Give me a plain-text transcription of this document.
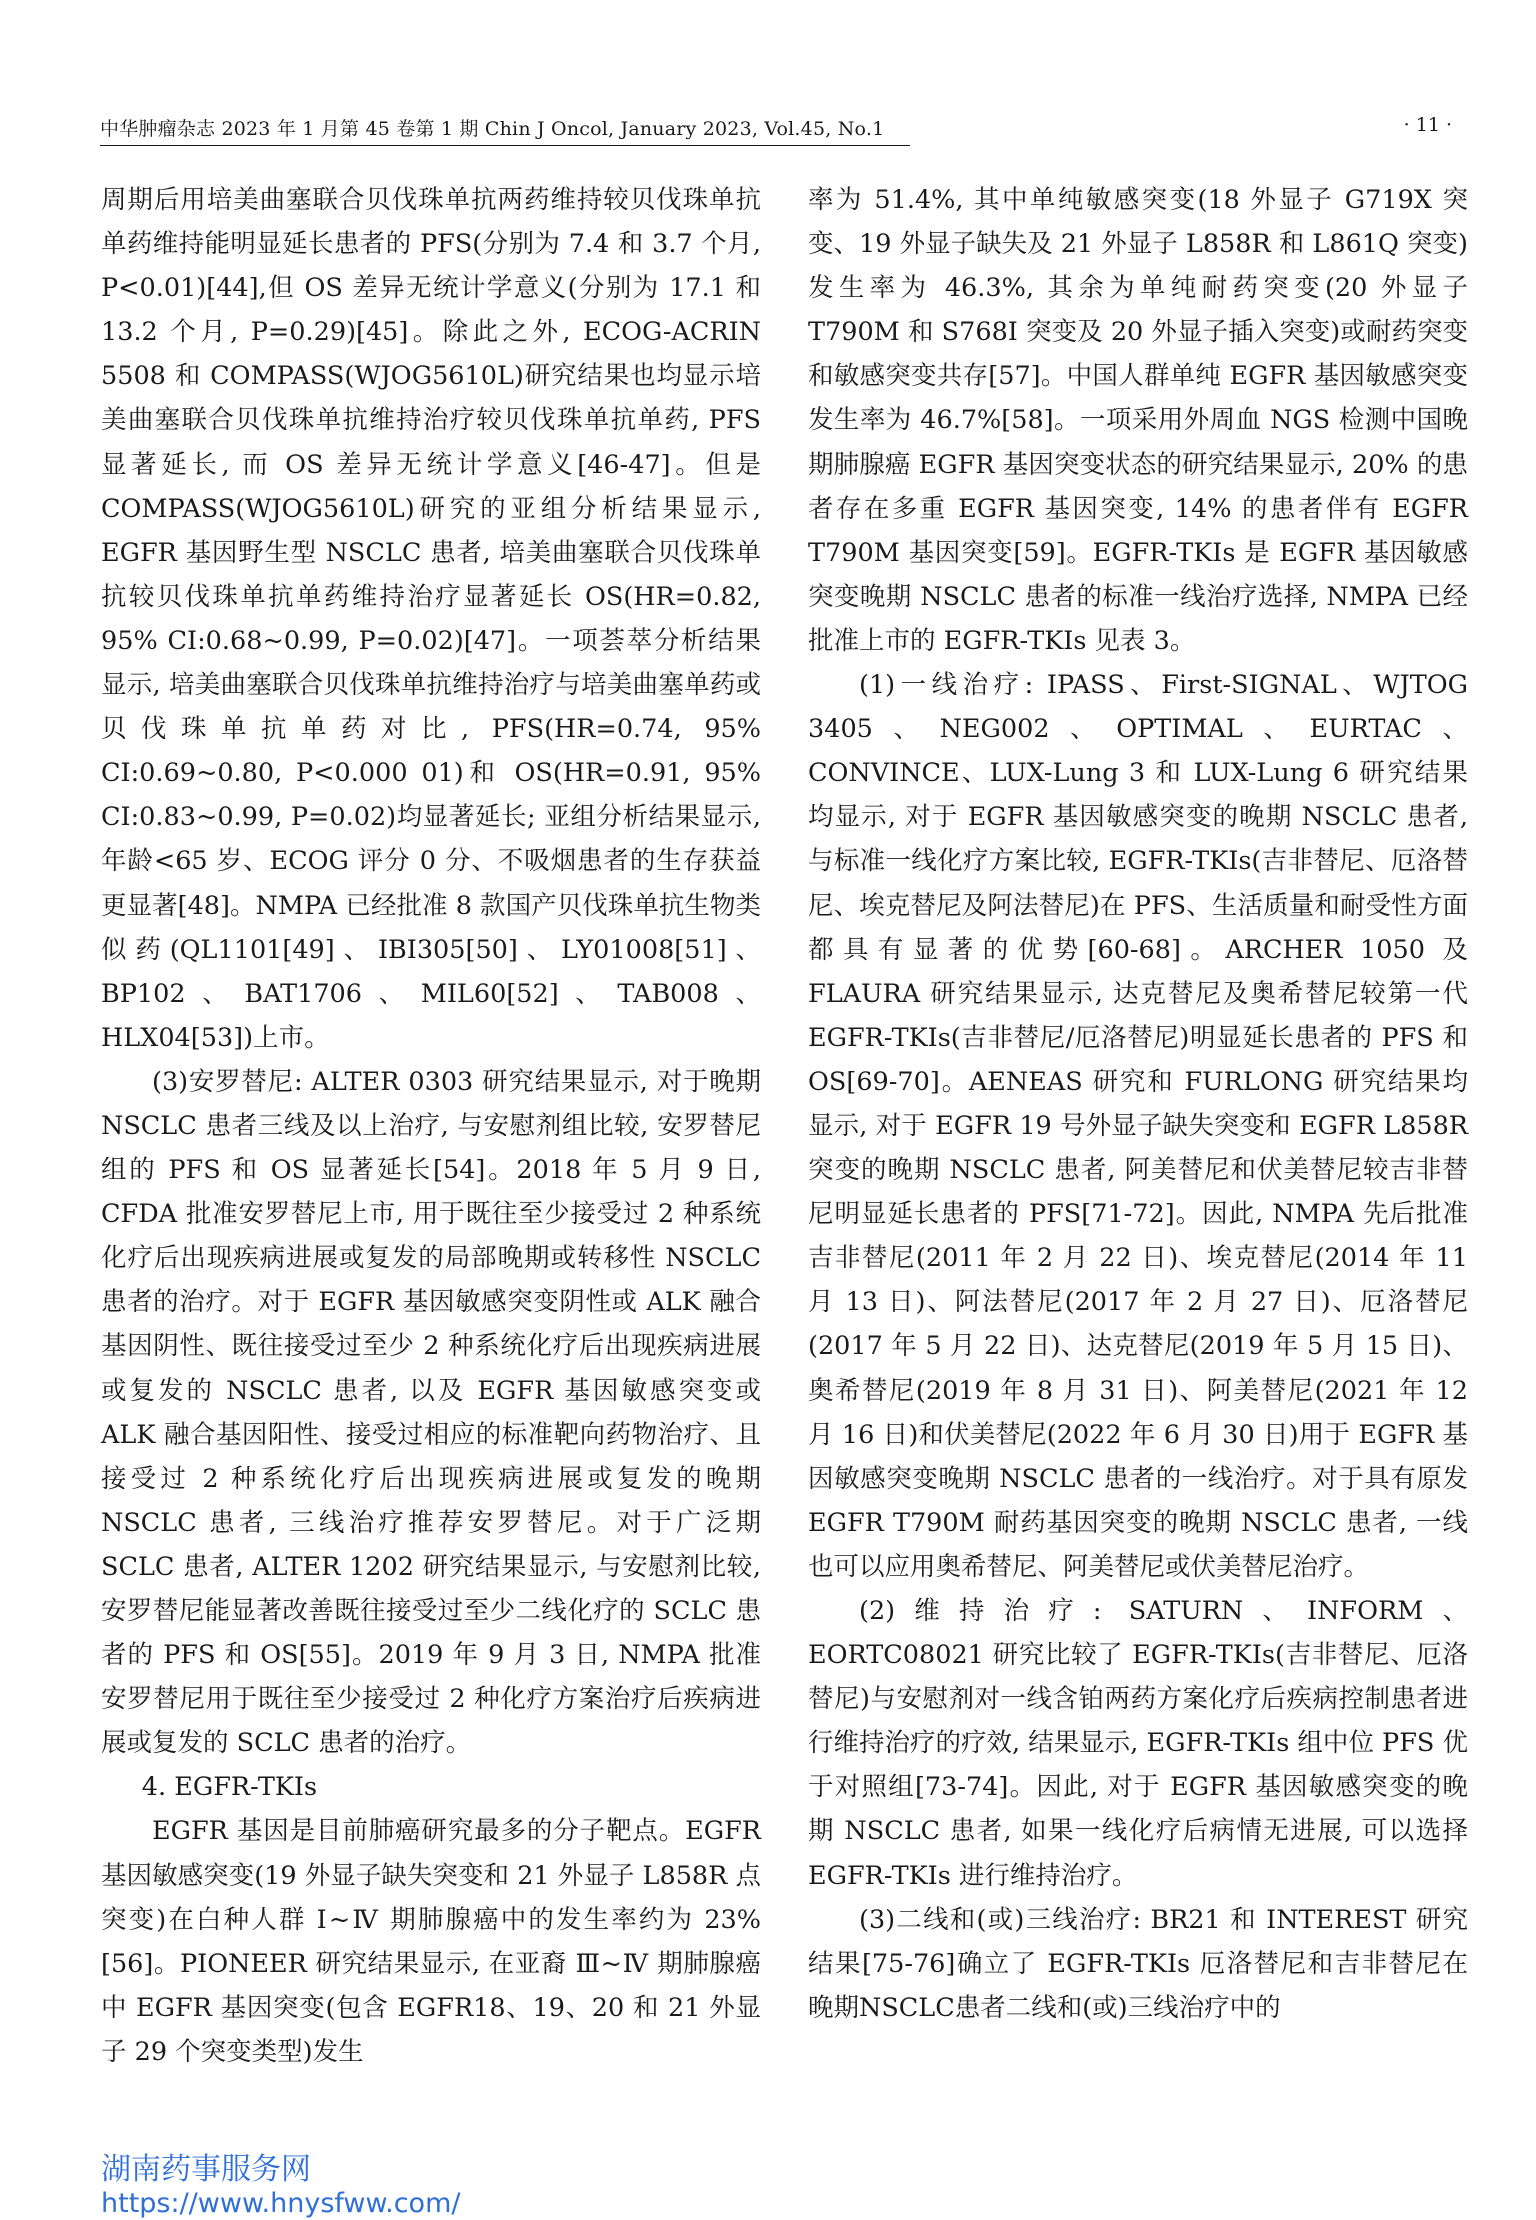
中华肿瘤杂志 2023 年 1 月第 45 卷第 1 期 Chin J Oncol, January 2023, Vol.45, No.1	· 11 ·

周期后用培美曲塞联合贝伐珠单抗两药维持较贝伐珠单抗单药维持能明显延长患者的 PFS(分别为 7.4 和 3.7 个月, P<0.01)[44],但 OS 差异无统计学意义(分别为 17.1 和 13.2 个月, P=0.29)[45]。除此之外, ECOG-ACRIN 5508 和 COMPASS(WJOG5610L)研究结果也均显示培美曲塞联合贝伐珠单抗维持治疗较贝伐珠单抗单药, PFS 显著延长, 而 OS 差异无统计学意义[46-47]。但是 COMPASS(WJOG5610L)研究的亚组分析结果显示, EGFR 基因野生型 NSCLC 患者, 培美曲塞联合贝伐珠单抗较贝伐珠单抗单药维持治疗显著延长 OS(HR=0.82, 95% CI:0.68~0.99, P=0.02)[47]。一项荟萃分析结果显示, 培美曲塞联合贝伐珠单抗维持治疗与培美曲塞单药或贝伐珠单抗单药对比, PFS(HR=0.74, 95% CI:0.69~0.80, P<0.000 01)和 OS(HR=0.91, 95% CI:0.83~0.99, P=0.02)均显著延长; 亚组分析结果显示, 年龄<65 岁、ECOG 评分 0 分、不吸烟患者的生存获益更显著[48]。NMPA 已经批准 8 款国产贝伐珠单抗生物类似药(QL1101[49]、IBI305[50]、LY01008[51]、BP102、BAT1706、MIL60[52]、TAB008、HLX04[53])上市。

(3)安罗替尼: ALTER 0303 研究结果显示, 对于晚期 NSCLC 患者三线及以上治疗, 与安慰剂组比较, 安罗替尼组的 PFS 和 OS 显著延长[54]。2018 年 5 月 9 日, CFDA 批准安罗替尼上市, 用于既往至少接受过 2 种系统化疗后出现疾病进展或复发的局部晚期或转移性 NSCLC 患者的治疗。对于 EGFR 基因敏感突变阴性或 ALK 融合基因阴性、既往接受过至少 2 种系统化疗后出现疾病进展或复发的 NSCLC 患者, 以及 EGFR 基因敏感突变或 ALK 融合基因阳性、接受过相应的标准靶向药物治疗、且接受过 2 种系统化疗后出现疾病进展或复发的晚期 NSCLC 患者, 三线治疗推荐安罗替尼。对于广泛期 SCLC 患者, ALTER 1202 研究结果显示, 与安慰剂比较, 安罗替尼能显著改善既往接受过至少二线化疗的 SCLC 患者的 PFS 和 OS[55]。2019 年 9 月 3 日, NMPA 批准安罗替尼用于既往至少接受过 2 种化疗方案治疗后疾病进展或复发的 SCLC 患者的治疗。

4. EGFR-TKIs

EGFR 基因是目前肺癌研究最多的分子靶点。EGFR 基因敏感突变(19 外显子缺失突变和 21 外显子 L858R 点突变)在白种人群 Ⅰ~Ⅳ 期肺腺癌中的发生率约为 23%[56]。PIONEER 研究结果显示, 在亚裔 Ⅲ~Ⅳ 期肺腺癌中 EGFR 基因突变(包含 EGFR18、19、20 和 21 外显子 29 个突变类型)发生

率为 51.4%, 其中单纯敏感突变(18 外显子 G719X 突变、19 外显子缺失及 21 外显子 L858R 和 L861Q 突变)发生率为 46.3%, 其余为单纯耐药突变(20 外显子 T790M 和 S768I 突变及 20 外显子插入突变)或耐药突变和敏感突变共存[57]。中国人群单纯 EGFR 基因敏感突变发生率为 46.7%[58]。一项采用外周血 NGS 检测中国晚期肺腺癌 EGFR 基因突变状态的研究结果显示, 20% 的患者存在多重 EGFR 基因突变, 14% 的患者伴有 EGFR T790M 基因突变[59]。EGFR-TKIs 是 EGFR 基因敏感突变晚期 NSCLC 患者的标准一线治疗选择, NMPA 已经批准上市的 EGFR-TKIs 见表 3。

(1)一线治疗: IPASS、First-SIGNAL、WJTOG 3405、NEG002、OPTIMAL、EURTAC、CONVINCE、LUX-Lung 3 和 LUX-Lung 6 研究结果均显示, 对于 EGFR 基因敏感突变的晚期 NSCLC 患者, 与标准一线化疗方案比较, EGFR-TKIs(吉非替尼、厄洛替尼、埃克替尼及阿法替尼)在 PFS、生活质量和耐受性方面都具有显著的优势[60-68]。ARCHER 1050 及 FLAURA 研究结果显示, 达克替尼及奥希替尼较第一代 EGFR-TKIs(吉非替尼/厄洛替尼)明显延长患者的 PFS 和 OS[69-70]。AENEAS 研究和 FURLONG 研究结果均显示, 对于 EGFR 19 号外显子缺失突变和 EGFR L858R 突变的晚期 NSCLC 患者, 阿美替尼和伏美替尼较吉非替尼明显延长患者的 PFS[71-72]。因此, NMPA 先后批准吉非替尼(2011 年 2 月 22 日)、埃克替尼(2014 年 11 月 13 日)、阿法替尼(2017 年 2 月 27 日)、厄洛替尼(2017 年 5 月 22 日)、达克替尼(2019 年 5 月 15 日)、奥希替尼(2019 年 8 月 31 日)、阿美替尼(2021 年 12 月 16 日)和伏美替尼(2022 年 6 月 30 日)用于 EGFR 基因敏感突变晚期 NSCLC 患者的一线治疗。对于具有原发 EGFR T790M 耐药基因突变的晚期 NSCLC 患者, 一线也可以应用奥希替尼、阿美替尼或伏美替尼治疗。

(2)维持治疗: SATURN、INFORM、EORTC08021 研究比较了 EGFR-TKIs(吉非替尼、厄洛替尼)与安慰剂对一线含铂两药方案化疗后疾病控制患者进行维持治疗的疗效, 结果显示, EGFR-TKIs 组中位 PFS 优于对照组[73-74]。因此, 对于 EGFR 基因敏感突变的晚期 NSCLC 患者, 如果一线化疗后病情无进展, 可以选择 EGFR-TKIs 进行维持治疗。

(3)二线和(或)三线治疗: BR21 和 INTEREST 研究结果[75-76]确立了 EGFR-TKIs 厄洛替尼和吉非替尼在晚期NSCLC患者二线和(或)三线治疗中的

湖南药事服务网
https://www.hnysfww.com/
